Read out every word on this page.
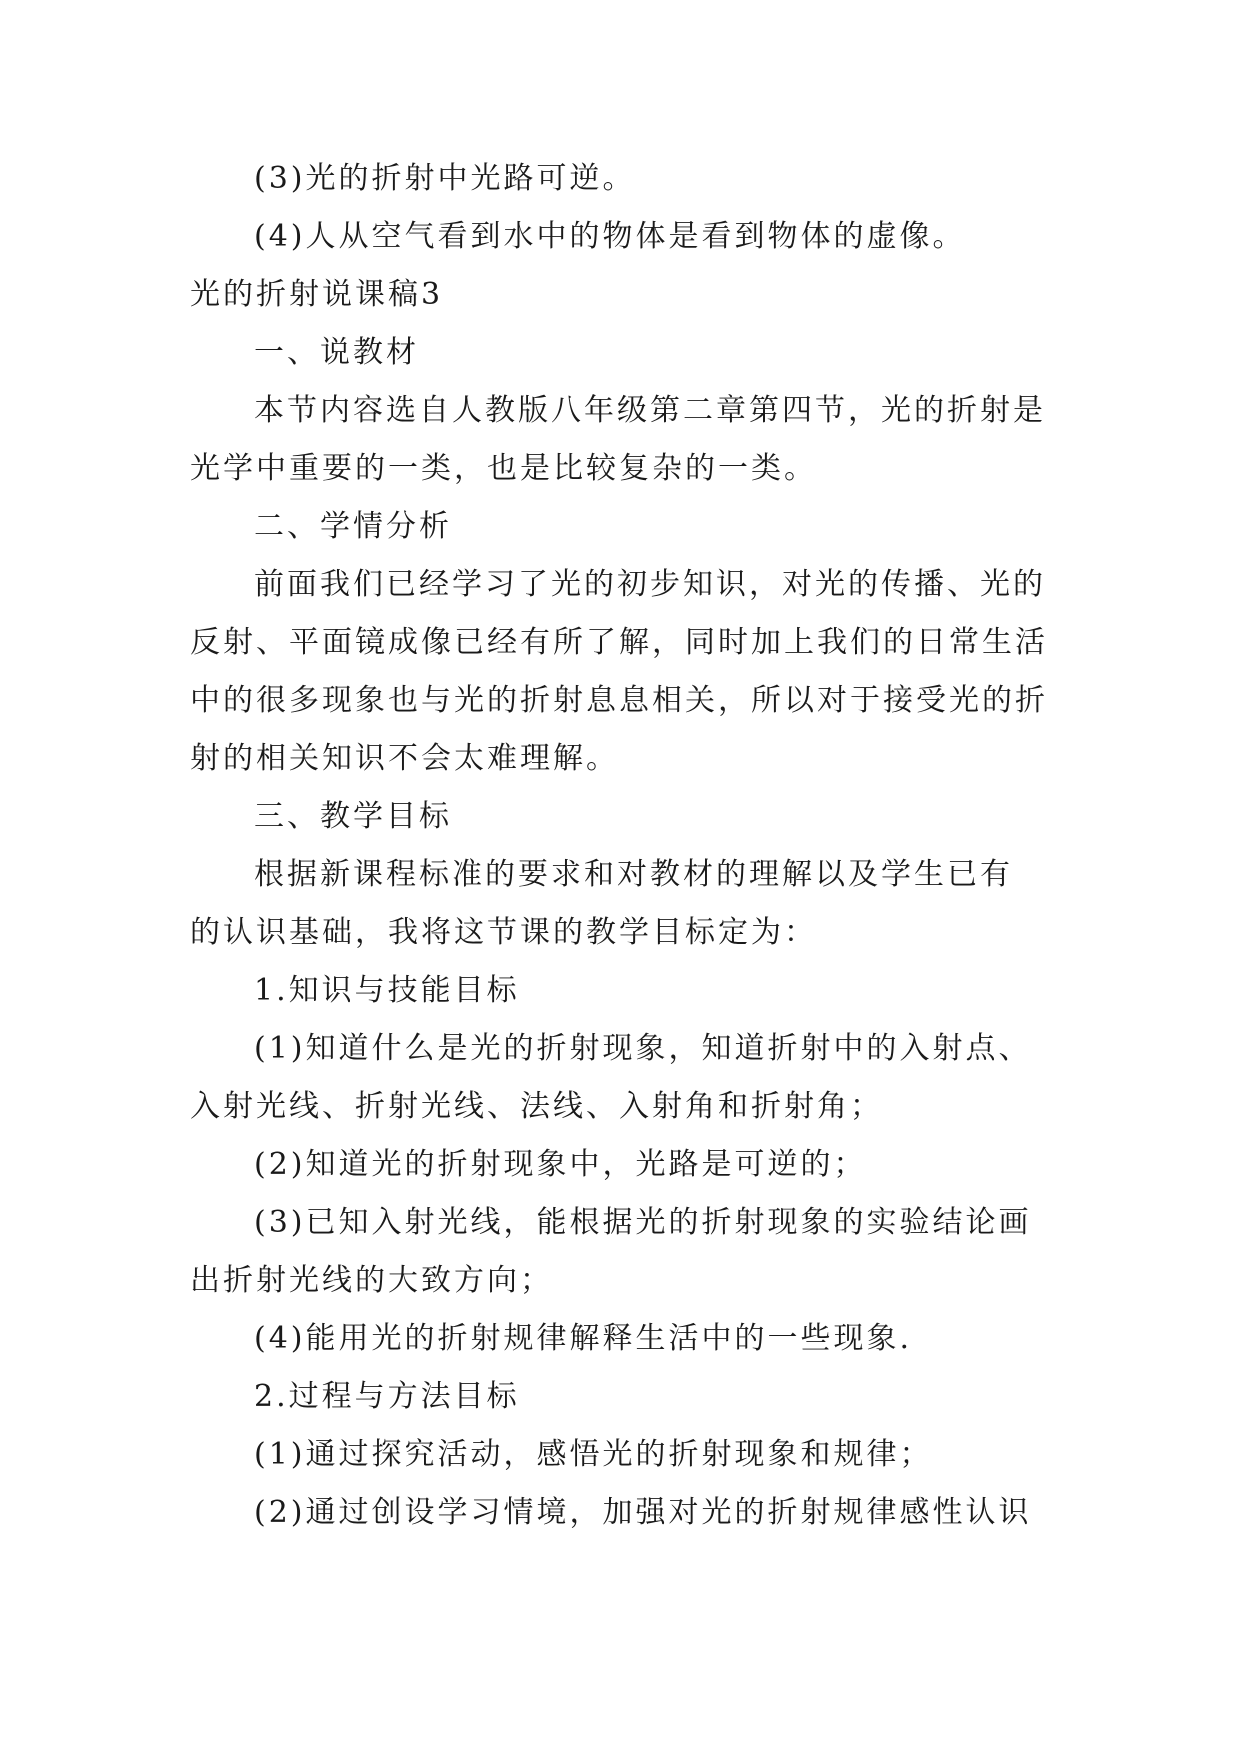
(3)光的折射中光路可逆。
(4)人从空气看到水中的物体是看到物体的虚像。
光的折射说课稿3
一、说教材
本节内容选自人教版八年级第二章第四节，光的折射是
光学中重要的一类，也是比较复杂的一类。
二、学情分析
前面我们已经学习了光的初步知识，对光的传播、光的
反射、平面镜成像已经有所了解，同时加上我们的日常生活
中的很多现象也与光的折射息息相关，所以对于接受光的折
射的相关知识不会太难理解。
三、教学目标
根据新课程标准的要求和对教材的理解以及学生已有
的认识基础，我将这节课的教学目标定为：
1.知识与技能目标
(1)知道什么是光的折射现象，知道折射中的入射点、
入射光线、折射光线、法线、入射角和折射角；
(2)知道光的折射现象中，光路是可逆的；
(3)已知入射光线，能根据光的折射现象的实验结论画
出折射光线的大致方向；
(4)能用光的折射规律解释生活中的一些现象.
2.过程与方法目标
(1)通过探究活动，感悟光的折射现象和规律；
(2)通过创设学习情境，加强对光的折射规律感性认识
